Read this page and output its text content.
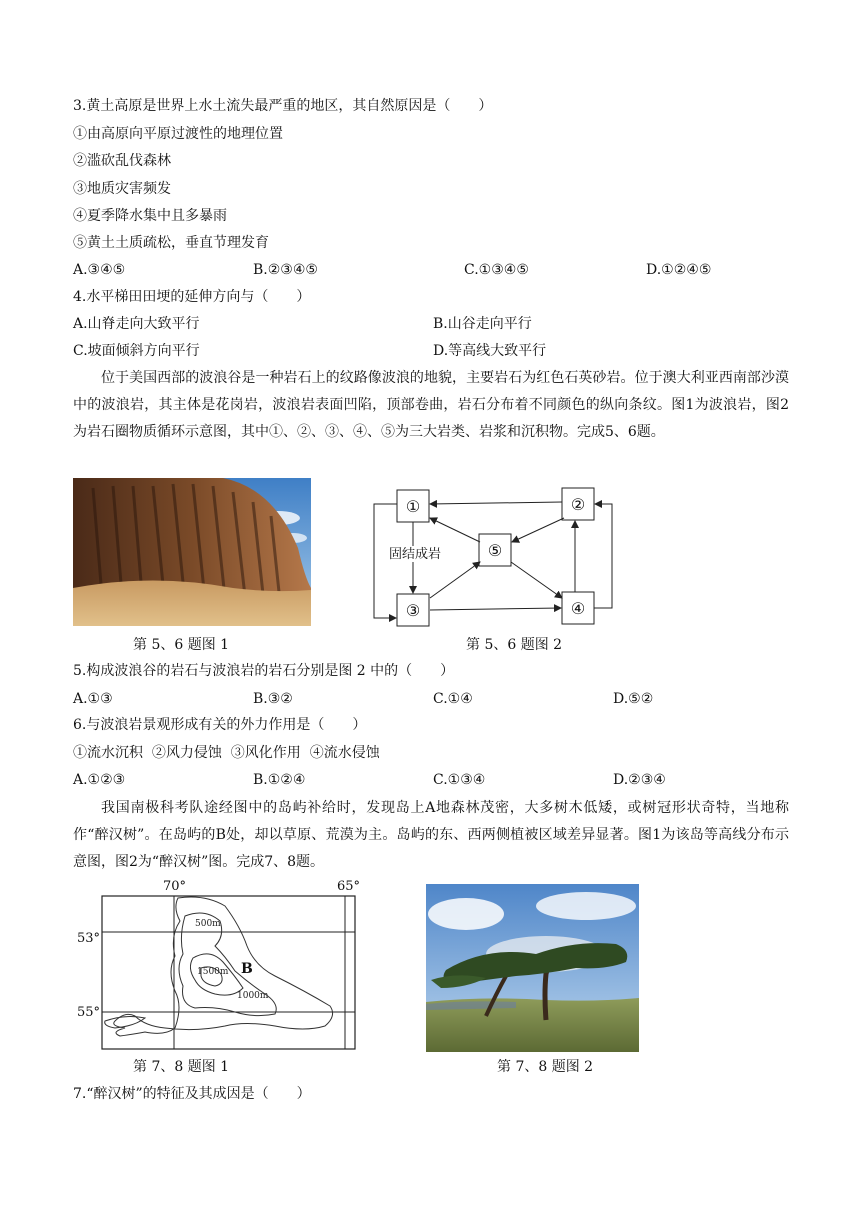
3.黄土高原是世界上水土流失最严重的地区，其自然原因是（　　）
①由高原向平原过渡性的地理位置
②滥砍乱伐森林
③地质灾害频发
④夏季降水集中且多暴雨
⑤黄土土质疏松，垂直节理发育
A.③④⑤	B.②③④⑤	C.①③④⑤	D.①②④⑤
4.水平梯田田埂的延伸方向与（　　）
A.山脊走向大致平行	B.山谷走向平行
C.坡面倾斜方向平行	D.等高线大致平行
位于美国西部的波浪谷是一种岩石上的纹路像波浪的地貌，主要岩石为红色石英砂岩。位于澳大利亚西南部沙漠中的波浪岩，其主体是花岗岩，波浪岩表面凹陷，顶部卷曲，岩石分布着不同颜色的纵向条纹。图1为波浪岩，图2为岩石圈物质循环示意图，其中①、②、③、④、⑤为三大岩类、岩浆和沉积物。完成5、6题。
①	②
⑤
③	④
固结成岩
第 5、6 题图 1	第 5、6 题图 2
5.构成波浪谷的岩石与波浪岩的岩石分别是图 2 中的（　　）
A.①③	B.③②	C.①④	D.⑤②
6.与波浪岩景观形成有关的外力作用是（　　）
①流水沉积  ②风力侵蚀  ③风化作用  ④流水侵蚀
A.①②③	B.①②④	C.①③④	D.②③④
我国南极科考队途经图中的岛屿补给时，发现岛上A地森林茂密，大多树木低矮，或树冠形状奇特，当地称作“醉汉树”。在岛屿的B处，却以草原、荒漠为主。岛屿的东、西两侧植被区域差异显著。图1为该岛等高线分布示意图，图2为“醉汉树”图。完成7、8题。
70°	65°
53°
55°
500m
1500m
1000m
B
第 7、8 题图 1	第 7、8 题图 2
7.“醉汉树”的特征及其成因是（　　）
